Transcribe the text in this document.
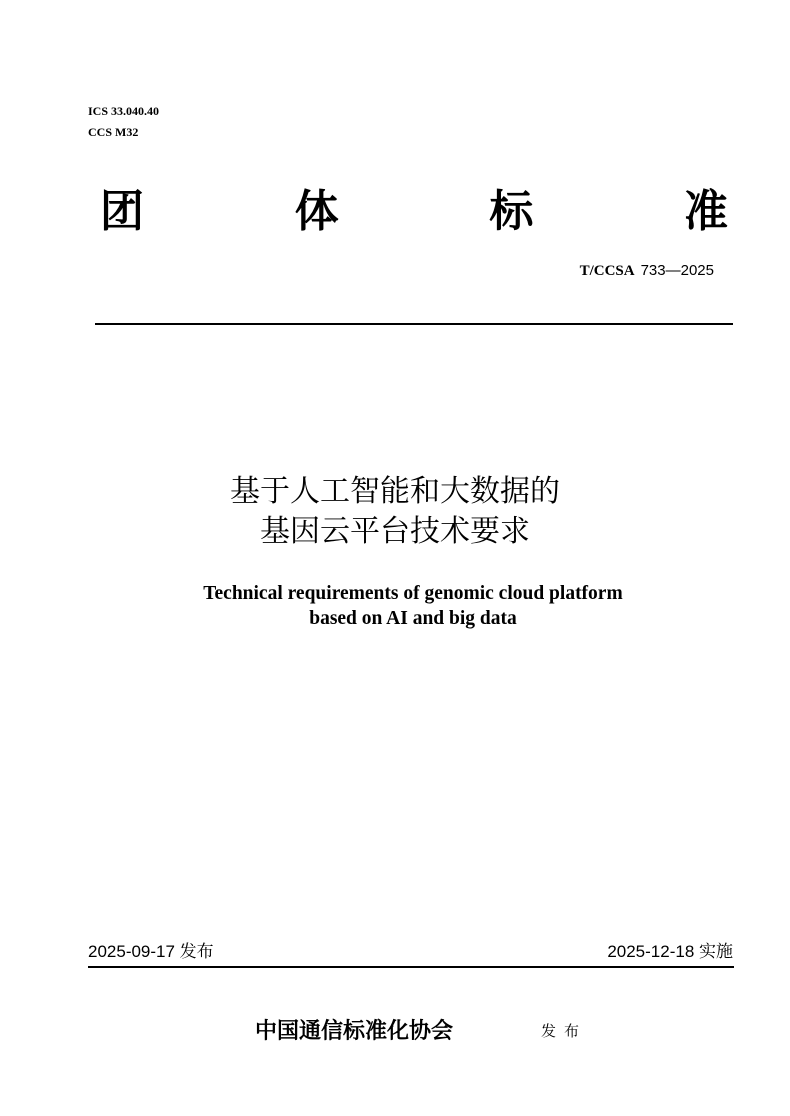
ICS 33.040.40
CCS M32
团	体	标	准
T/CCSA 733—2025
基于人工智能和大数据的
基因云平台技术要求
Technical requirements of genomic cloud platform
based on AI and big data
2025-09-17 发布	2025-12-18 实施
中国通信标准化协会	发布
